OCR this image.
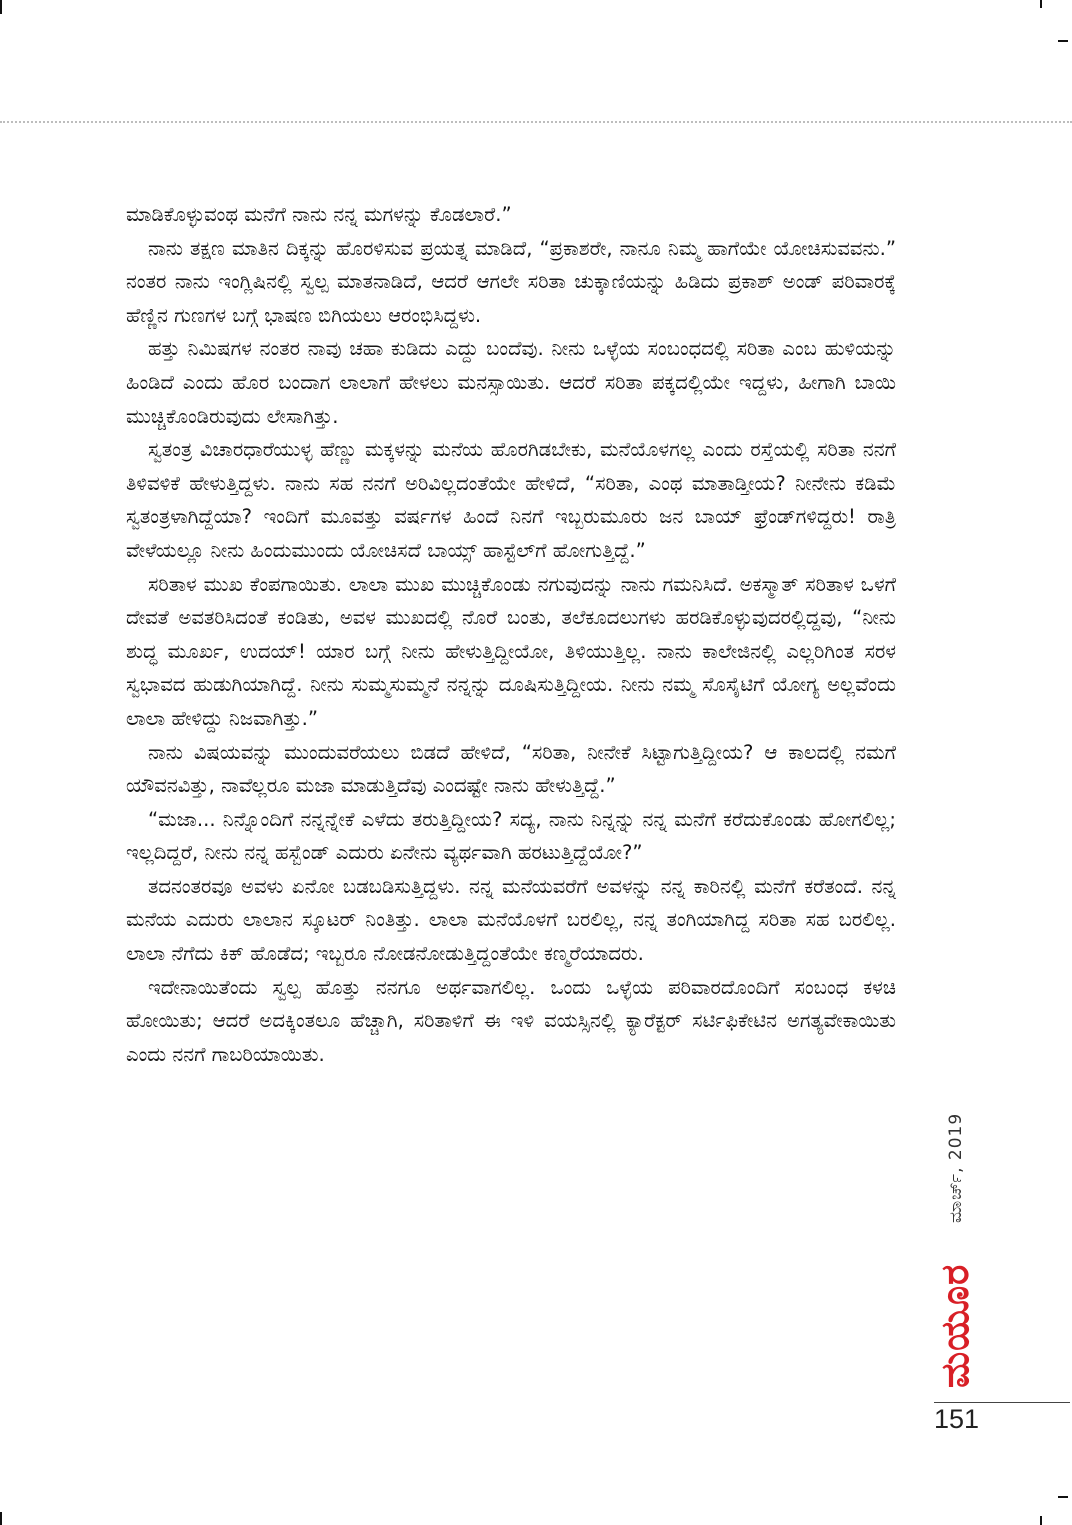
ಮಾಡಿಕೊಳ್ಳುವಂಥ ಮನೆಗೆ ನಾನು ನನ್ನ ಮಗಳನ್ನು ಕೊಡಲಾರೆ.”

ನಾನು ತಕ್ಷಣ ಮಾತಿನ ದಿಕ್ಕನ್ನು ಹೊರಳಿಸುವ ಪ್ರಯತ್ನ ಮಾಡಿದೆ, “ಪ್ರಕಾಶರೇ, ನಾನೂ ನಿಮ್ಮ ಹಾಗೆಯೇ ಯೋಚಿಸುವವನು.” ನಂತರ ನಾನು ಇಂಗ್ಲಿಷಿನಲ್ಲಿ ಸ್ವಲ್ಪ ಮಾತನಾಡಿದೆ, ಆದರೆ ಆಗಲೇ ಸರಿತಾ ಚುಕ್ಕಾಣಿಯನ್ನು ಹಿಡಿದು ಪ್ರಕಾಶ್ ಅಂಡ್ ಪರಿವಾರಕ್ಕೆ ಹೆಣ್ಣಿನ ಗುಣಗಳ ಬಗ್ಗೆ ಭಾಷಣ ಬಿಗಿಯಲು ಆರಂಭಿಸಿದ್ದಳು.

ಹತ್ತು ನಿಮಿಷಗಳ ನಂತರ ನಾವು ಚಹಾ ಕುಡಿದು ಎದ್ದು ಬಂದೆವು. ನೀನು ಒಳ್ಳೆಯ ಸಂಬಂಧದಲ್ಲಿ ಸರಿತಾ ಎಂಬ ಹುಳಿಯನ್ನು ಹಿಂಡಿದೆ ಎಂದು ಹೊರ ಬಂದಾಗ ಲಾಲಾಗೆ ಹೇಳಲು ಮನಸ್ಸಾಯಿತು. ಆದರೆ ಸರಿತಾ ಪಕ್ಕದಲ್ಲಿಯೇ ಇದ್ದಳು, ಹೀಗಾಗಿ ಬಾಯಿ ಮುಚ್ಚಿಕೊಂಡಿರುವುದು ಲೇಸಾಗಿತ್ತು.

ಸ್ವತಂತ್ರ ವಿಚಾರಧಾರೆಯುಳ್ಳ ಹೆಣ್ಣು ಮಕ್ಕಳನ್ನು ಮನೆಯ ಹೊರಗಿಡಬೇಕು, ಮನೆಯೊಳಗಲ್ಲ ಎಂದು ರಸ್ತೆಯಲ್ಲಿ ಸರಿತಾ ನನಗೆ ತಿಳಿವಳಿಕೆ ಹೇಳುತ್ತಿದ್ದಳು. ನಾನು ಸಹ ನನಗೆ ಅರಿವಿಲ್ಲದಂತೆಯೇ ಹೇಳಿದೆ, “ಸರಿತಾ, ಎಂಥ ಮಾತಾಡ್ತೀಯ? ನೀನೇನು ಕಡಿಮೆ ಸ್ವತಂತ್ರಳಾಗಿದ್ದೆಯಾ? ಇಂದಿಗೆ ಮೂವತ್ತು ವರ್ಷಗಳ ಹಿಂದೆ ನಿನಗೆ ಇಬ್ಬರುಮೂರು ಜನ ಬಾಯ್ ಫ್ರೆಂಡ್‌ಗಳಿದ್ದರು! ರಾತ್ರಿ ವೇಳೆಯಲ್ಲೂ ನೀನು ಹಿಂದುಮುಂದು ಯೋಚಿಸದೆ ಬಾಯ್ಸ್ ಹಾಸ್ಟೆಲ್‌ಗೆ ಹೋಗುತ್ತಿದ್ದೆ.”

ಸರಿತಾಳ ಮುಖ ಕೆಂಪಗಾಯಿತು. ಲಾಲಾ ಮುಖ ಮುಚ್ಚಿಕೊಂಡು ನಗುವುದನ್ನು ನಾನು ಗಮನಿಸಿದೆ. ಅಕಸ್ಮಾತ್ ಸರಿತಾಳ ಒಳಗೆ ದೇವತೆ ಅವತರಿಸಿದಂತೆ ಕಂಡಿತು, ಅವಳ ಮುಖದಲ್ಲಿ ನೊರೆ ಬಂತು, ತಲೆಕೂದಲುಗಳು ಹರಡಿಕೊಳ್ಳುವುದರಲ್ಲಿದ್ದವು, “ನೀನು ಶುದ್ಧ ಮೂರ್ಖ, ಉದಯ್! ಯಾರ ಬಗ್ಗೆ ನೀನು ಹೇಳುತ್ತಿದ್ದೀಯೋ, ತಿಳಿಯುತ್ತಿಲ್ಲ. ನಾನು ಕಾಲೇಜಿನಲ್ಲಿ ಎಲ್ಲರಿಗಿಂತ ಸರಳ ಸ್ವಭಾವದ ಹುಡುಗಿಯಾಗಿದ್ದೆ. ನೀನು ಸುಮ್ಮಸುಮ್ಮನೆ ನನ್ನನ್ನು ದೂಷಿಸುತ್ತಿದ್ದೀಯ. ನೀನು ನಮ್ಮ ಸೊಸೈಟಿಗೆ ಯೋಗ್ಯ ಅಲ್ಲವೆಂದು ಲಾಲಾ ಹೇಳಿದ್ದು ನಿಜವಾಗಿತ್ತು.”

ನಾನು ವಿಷಯವನ್ನು ಮುಂದುವರೆಯಲು ಬಿಡದೆ ಹೇಳಿದೆ, “ಸರಿತಾ, ನೀನೇಕೆ ಸಿಟ್ಟಾಗುತ್ತಿದ್ದೀಯ? ಆ ಕಾಲದಲ್ಲಿ ನಮಗೆ ಯೌವನವಿತ್ತು, ನಾವೆಲ್ಲರೂ ಮಜಾ ಮಾಡುತ್ತಿದೆವು ಎಂದಷ್ಟೇ ನಾನು ಹೇಳುತ್ತಿದ್ದೆ.”

“ಮಜಾ... ನಿನ್ನೊಂದಿಗೆ ನನ್ನನ್ನೇಕೆ ಎಳೆದು ತರುತ್ತಿದ್ದೀಯ? ಸದ್ಯ, ನಾನು ನಿನ್ನನ್ನು ನನ್ನ ಮನೆಗೆ ಕರೆದುಕೊಂಡು ಹೋಗಲಿಲ್ಲ; ಇಲ್ಲದಿದ್ದರೆ, ನೀನು ನನ್ನ ಹಸ್ಬೆಂಡ್ ಎದುರು ಏನೇನು ವ್ಯರ್ಥವಾಗಿ ಹರಟುತ್ತಿದ್ದೆಯೋ?”

ತದನಂತರವೂ ಅವಳು ಏನೋ ಬಡಬಡಿಸುತ್ತಿದ್ದಳು. ನನ್ನ ಮನೆಯವರೆಗೆ ಅವಳನ್ನು ನನ್ನ ಕಾರಿನಲ್ಲಿ ಮನೆಗೆ ಕರೆತಂದೆ. ನನ್ನ ಮನೆಯ ಎದುರು ಲಾಲಾನ ಸ್ಕೂಟರ್ ನಿಂತಿತ್ತು. ಲಾಲಾ ಮನೆಯೊಳಗೆ ಬರಲಿಲ್ಲ, ನನ್ನ ತಂಗಿಯಾಗಿದ್ದ ಸರಿತಾ ಸಹ ಬರಲಿಲ್ಲ. ಲಾಲಾ ನೆಗೆದು ಕಿಕ್ ಹೊಡೆದ; ಇಬ್ಬರೂ ನೋಡನೋಡುತ್ತಿದ್ದಂತೆಯೇ ಕಣ್ಮರೆಯಾದರು.

ಇದೇನಾಯಿತೆಂದು ಸ್ವಲ್ಪ ಹೊತ್ತು ನನಗೂ ಅರ್ಥವಾಗಲಿಲ್ಲ. ಒಂದು ಒಳ್ಳೆಯ ಪರಿವಾರದೊಂದಿಗೆ ಸಂಬಂಧ ಕಳಚಿ ಹೋಯಿತು; ಆದರೆ ಅದಕ್ಕಿಂತಲೂ ಹೆಚ್ಚಾಗಿ, ಸರಿತಾಳಿಗೆ ಈ ಇಳಿ ವಯಸ್ಸಿನಲ್ಲಿ ಕ್ಯಾರೆಕ್ಟರ್ ಸರ್ಟಿಫಿಕೇಟಿನ ಅಗತ್ಯವೇಕಾಯಿತು ಎಂದು ನನಗೆ ಗಾಬರಿಯಾಯಿತು.

ಮಾರ್ಚ್, 2019
ಮಯೂರ
151
